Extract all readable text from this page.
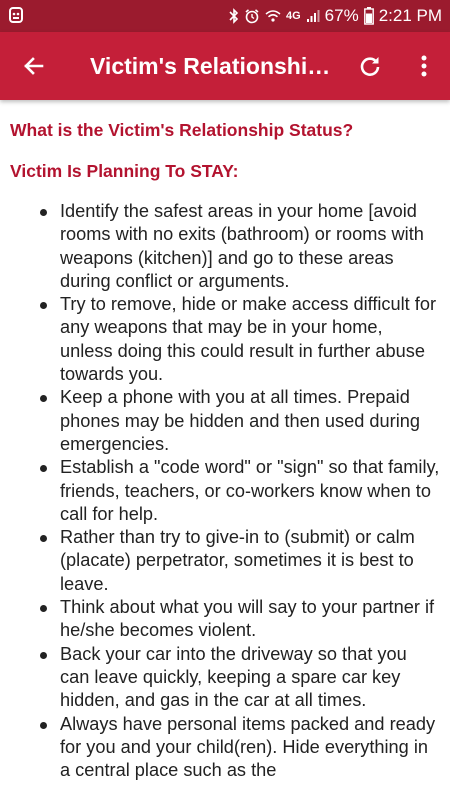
4G 67% 2:21 PM
Victim's Relationshi…

What is the Victim's Relationship Status?

Victim Is Planning To STAY:

Identify the safest areas in your home [avoid rooms with no exits (bathroom) or rooms with weapons (kitchen)] and go to these areas during conflict or arguments.
Try to remove, hide or make access difficult for any weapons that may be in your home, unless doing this could result in further abuse towards you.
Keep a phone with you at all times. Prepaid phones may be hidden and then used during emergencies.
Establish a "code word" or "sign" so that family, friends, teachers, or co-workers know when to call for help.
Rather than try to give-in to (submit) or calm (placate) perpetrator, sometimes it is best to leave.
Think about what you will say to your partner if he/she becomes violent.
Back your car into the driveway so that you can leave quickly, keeping a spare car key hidden, and gas in the car at all times.
Always have personal items packed and ready for you and your child(ren). Hide everything in a central place such as the
